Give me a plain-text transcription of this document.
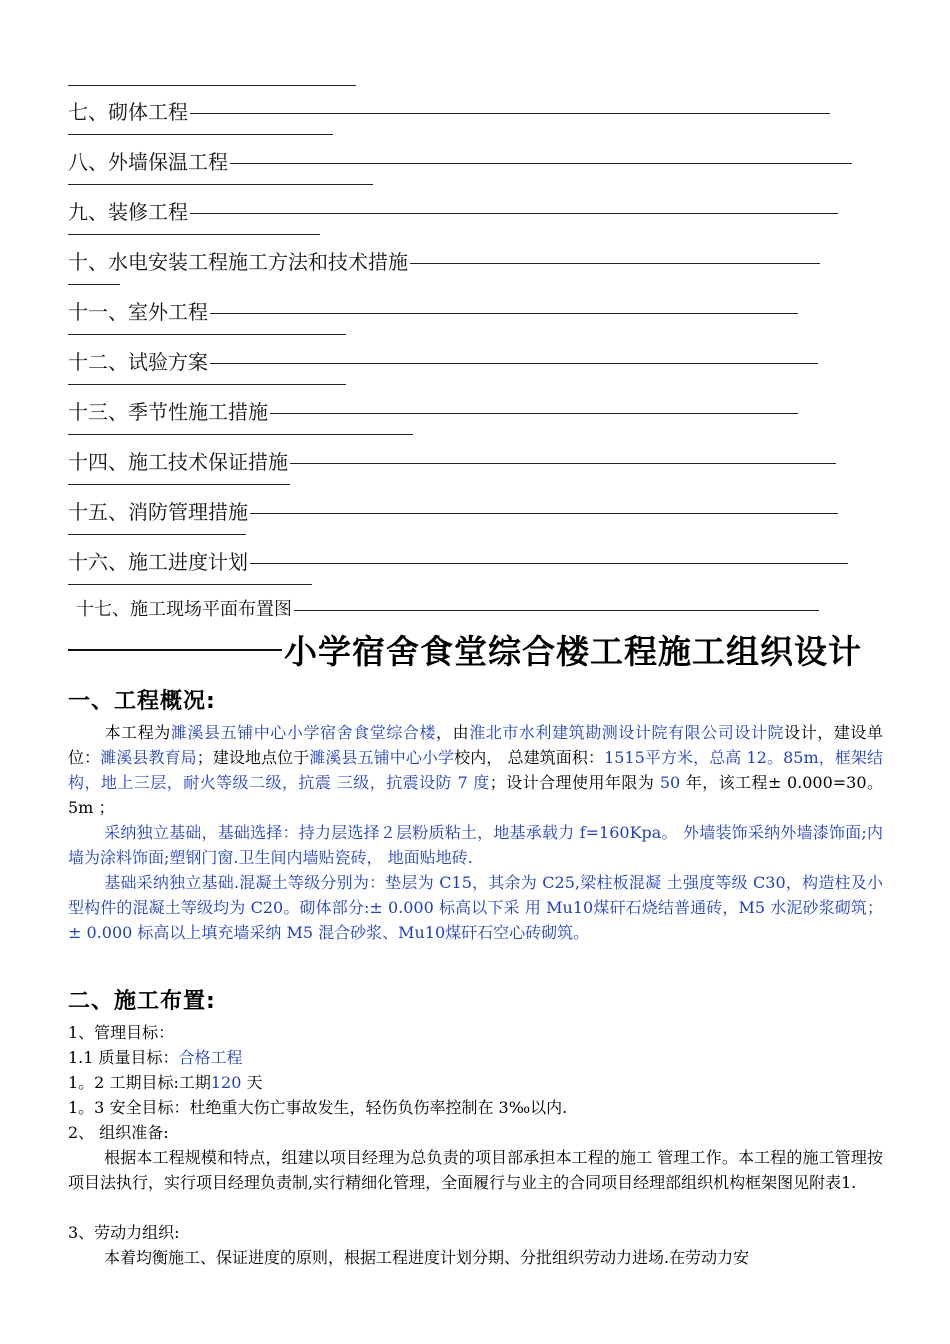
七、砌体工程
八、外墙保温工程
九、装修工程
十、水电安装工程施工方法和技术措施
十一、室外工程
十二、试验方案
十三、季节性施工措施
十四、施工技术保证措施
十五、消防管理措施
十六、施工进度计划
十七、施工现场平面布置图
小学宿舍食堂综合楼工程施工组织设计
一、工程概况:
本工程为濉溪县五铺中心小学宿舍食堂综合楼，由淮北市水利建筑勘测设计院有限公司设计院设计，建设单位：濉溪县教育局；建设地点位于濉溪县五铺中心小学校内， 总建筑面积：1515平方米，总高 12。85m，框架结构，地上三层，耐火等级二级，抗震 三级，抗震设防 7 度；设计合理使用年限为 50 年，该工程± 0.000=30。5m ；
采纳独立基础，基础选择：持力层选择２层粉质粘土，地基承载力 f=160Kpa。 外墙装饰采纳外墙漆饰面;内墙为涂料饰面;塑钢门窗.卫生间内墙贴瓷砖， 地面贴地砖.
基础采纳独立基础.混凝土等级分别为：垫层为 C15，其余为 C25,梁柱板混凝 土强度等级 C30，构造柱及小型构件的混凝土等级均为 C20。砌体部分:± 0.000 标高以下采 用 Mu10煤矸石烧结普通砖，M5 水泥砂浆砌筑；± 0.000 标高以上填充墙采纳 M5 混合砂浆、Mu10煤矸石空心砖砌筑。
二、施工布置:
1、管理目标：
1.1 质量目标：合格工程
1。2 工期目标:工期120 天
1。3 安全目标：杜绝重大伤亡事故发生，轻伤负伤率控制在 3‰以内.
2、 组织准备:
根据本工程规模和特点，组建以项目经理为总负责的项目部承担本工程的施工 管理工作。本工程的施工管理按项目法执行，实行项目经理负责制,实行精细化管理，全面履行与业主的合同项目经理部组织机构框架图见附表1.
3、劳动力组织:
本着均衡施工、保证进度的原则，根据工程进度计划分期、分批组织劳动力进场.在劳动力安
